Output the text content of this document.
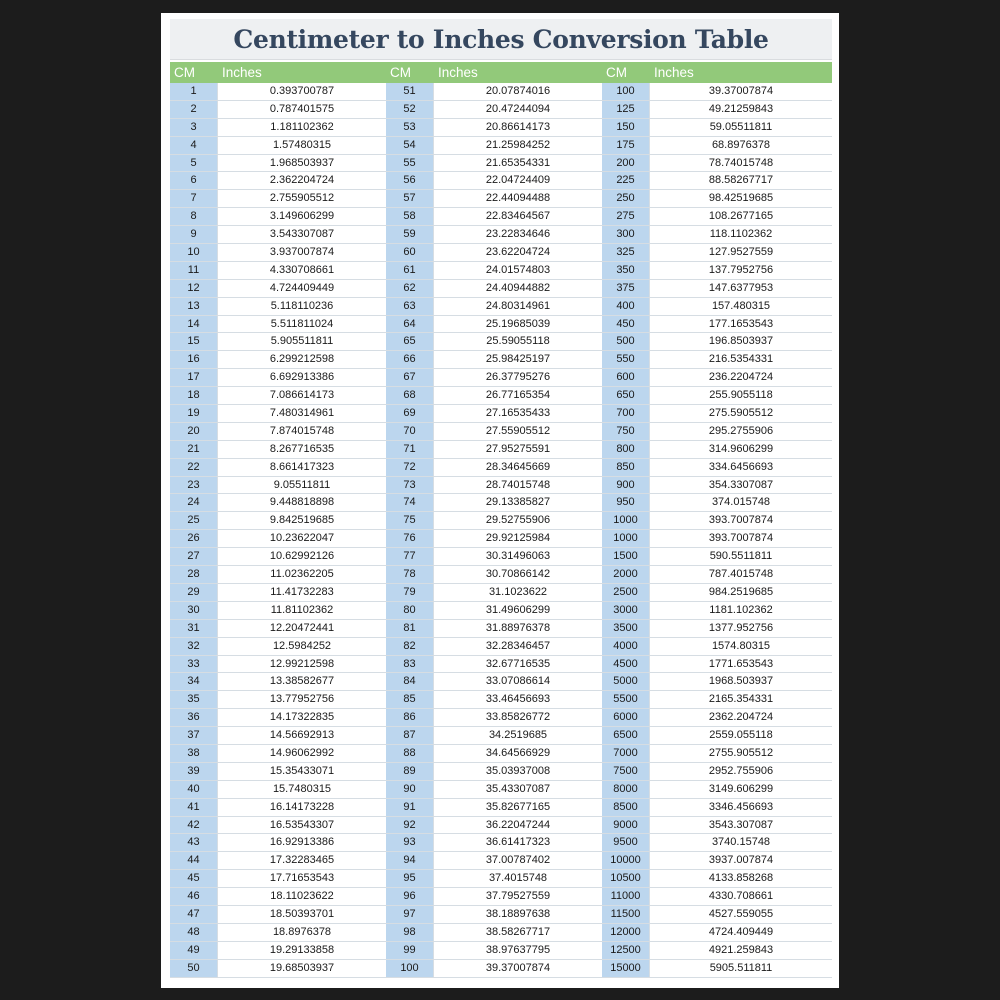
Centimeter to Inches Conversion Table
CM	Inches
1	0.393700787
2	0.787401575
3	1.181102362
4	1.57480315
5	1.968503937
6	2.362204724
7	2.755905512
8	3.149606299
9	3.543307087
10	3.937007874
11	4.330708661
12	4.724409449
13	5.118110236
14	5.511811024
15	5.905511811
16	6.299212598
17	6.692913386
18	7.086614173
19	7.480314961
20	7.874015748
21	8.267716535
22	8.661417323
23	9.05511811
24	9.448818898
25	9.842519685
26	10.23622047
27	10.62992126
28	11.02362205
29	11.41732283
30	11.81102362
31	12.20472441
32	12.5984252
33	12.99212598
34	13.38582677
35	13.77952756
36	14.17322835
37	14.56692913
38	14.96062992
39	15.35433071
40	15.7480315
41	16.14173228
42	16.53543307
43	16.92913386
44	17.32283465
45	17.71653543
46	18.11023622
47	18.50393701
48	18.8976378
49	19.29133858
50	19.68503937
CM	Inches
51	20.07874016
52	20.47244094
53	20.86614173
54	21.25984252
55	21.65354331
56	22.04724409
57	22.44094488
58	22.83464567
59	23.22834646
60	23.62204724
61	24.01574803
62	24.40944882
63	24.80314961
64	25.19685039
65	25.59055118
66	25.98425197
67	26.37795276
68	26.77165354
69	27.16535433
70	27.55905512
71	27.95275591
72	28.34645669
73	28.74015748
74	29.13385827
75	29.52755906
76	29.92125984
77	30.31496063
78	30.70866142
79	31.1023622
80	31.49606299
81	31.88976378
82	32.28346457
83	32.67716535
84	33.07086614
85	33.46456693
86	33.85826772
87	34.2519685
88	34.64566929
89	35.03937008
90	35.43307087
91	35.82677165
92	36.22047244
93	36.61417323
94	37.00787402
95	37.4015748
96	37.79527559
97	38.18897638
98	38.58267717
99	38.97637795
100	39.37007874
CM	Inches
100	39.37007874
125	49.21259843
150	59.05511811
175	68.8976378
200	78.74015748
225	88.58267717
250	98.42519685
275	108.2677165
300	118.1102362
325	127.9527559
350	137.7952756
375	147.6377953
400	157.480315
450	177.1653543
500	196.8503937
550	216.5354331
600	236.2204724
650	255.9055118
700	275.5905512
750	295.2755906
800	314.9606299
850	334.6456693
900	354.3307087
950	374.015748
1000	393.7007874
1000	393.7007874
1500	590.5511811
2000	787.4015748
2500	984.2519685
3000	1181.102362
3500	1377.952756
4000	1574.80315
4500	1771.653543
5000	1968.503937
5500	2165.354331
6000	2362.204724
6500	2559.055118
7000	2755.905512
7500	2952.755906
8000	3149.606299
8500	3346.456693
9000	3543.307087
9500	3740.15748
10000	3937.007874
10500	4133.858268
11000	4330.708661
11500	4527.559055
12000	4724.409449
12500	4921.259843
15000	5905.511811
